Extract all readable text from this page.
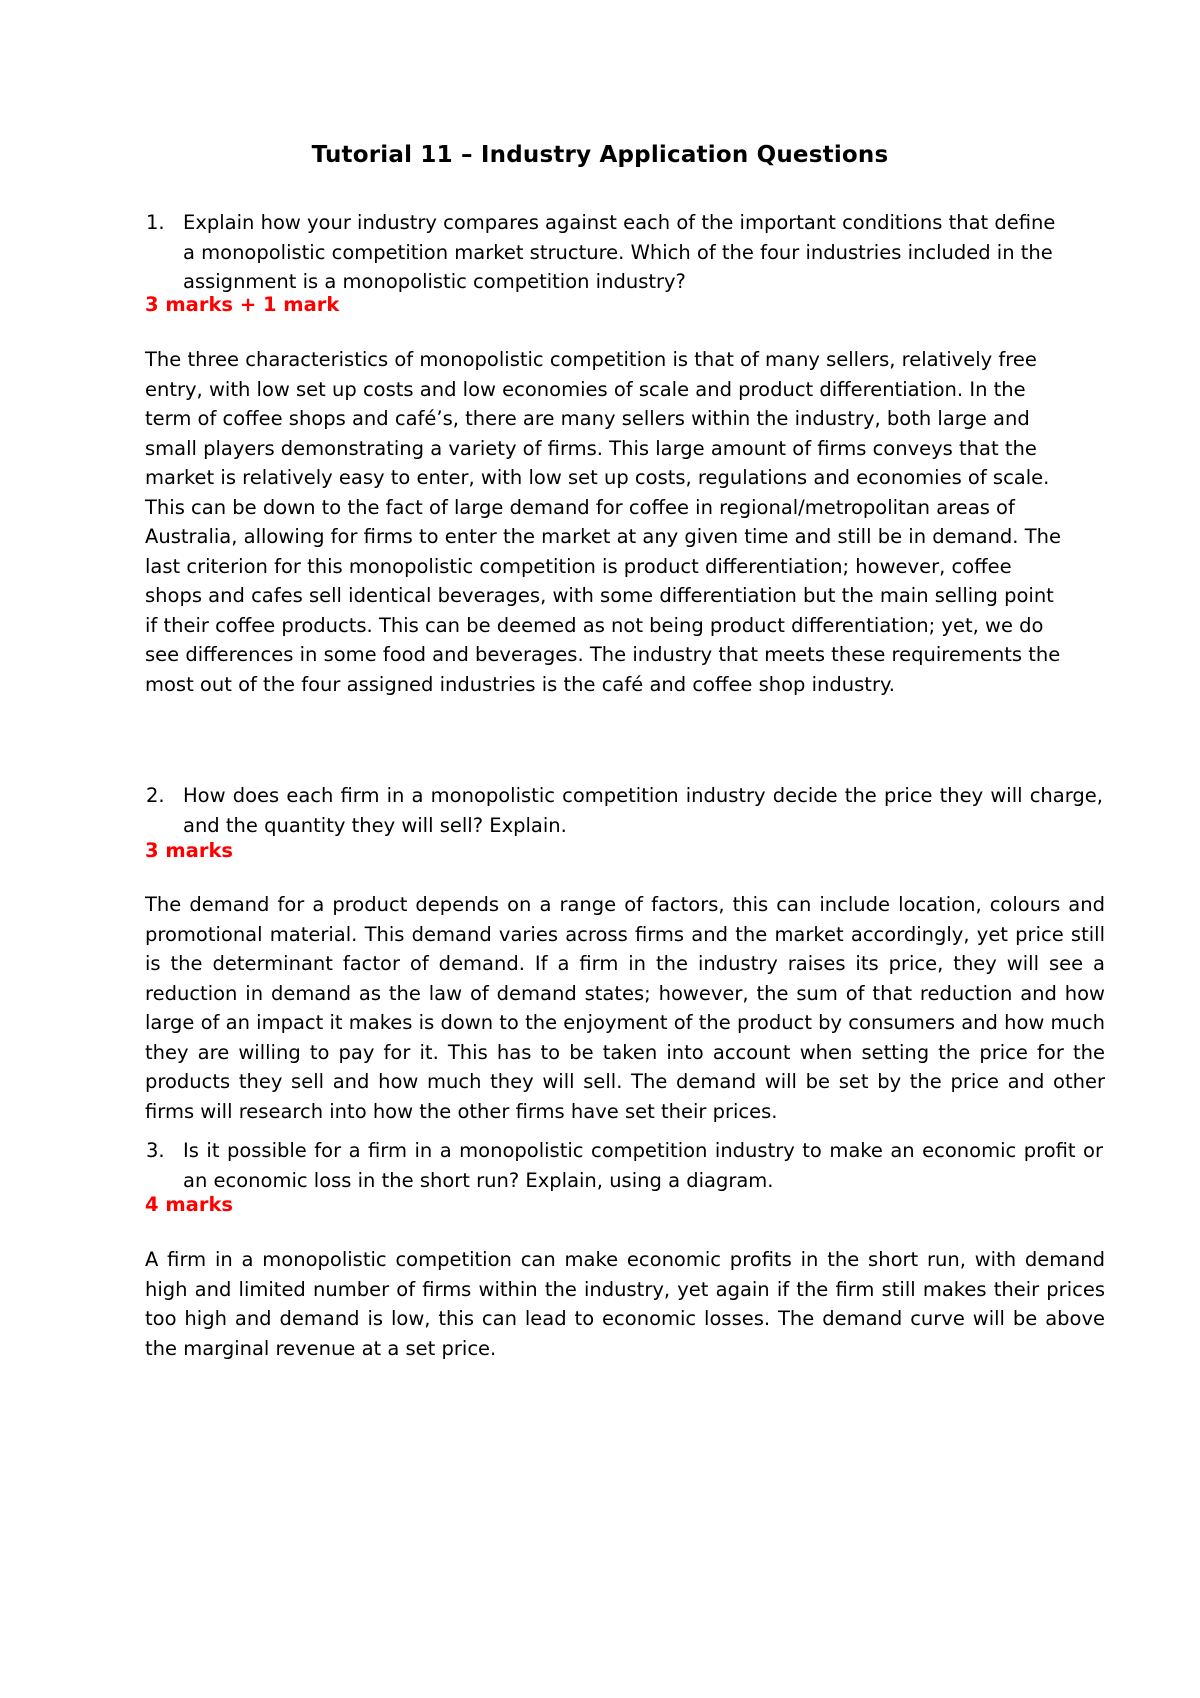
Tutorial 11 – Industry Application Questions
1. Explain how your industry compares against each of the important conditions that define a monopolistic competition market structure. Which of the four industries included in the assignment is a monopolistic competition industry?
3 marks + 1 mark
The three characteristics of monopolistic competition is that of many sellers, relatively free entry, with low set up costs and low economies of scale and product differentiation. In the term of coffee shops and café’s, there are many sellers within the industry, both large and small players demonstrating a variety of firms. This large amount of firms conveys that the market is relatively easy to enter, with low set up costs, regulations and economies of scale. This can be down to the fact of large demand for coffee in regional/metropolitan areas of Australia, allowing for firms to enter the market at any given time and still be in demand. The last criterion for this monopolistic competition is product differentiation; however, coffee shops and cafes sell identical beverages, with some differentiation but the main selling point if their coffee products. This can be deemed as not being product differentiation; yet, we do see differences in some food and beverages. The industry that meets these requirements the most out of the four assigned industries is the café and coffee shop industry.
2. How does each firm in a monopolistic competition industry decide the price they will charge, and the quantity they will sell? Explain.
3 marks
The demand for a product depends on a range of factors, this can include location, colours and promotional material. This demand varies across firms and the market accordingly, yet price still is the determinant factor of demand. If a firm in the industry raises its price, they will see a reduction in demand as the law of demand states; however, the sum of that reduction and how large of an impact it makes is down to the enjoyment of the product by consumers and how much they are willing to pay for it. This has to be taken into account when setting the price for the products they sell and how much they will sell. The demand will be set by the price and other firms will research into how the other firms have set their prices.
3. Is it possible for a firm in a monopolistic competition industry to make an economic profit or an economic loss in the short run? Explain, using a diagram.
4 marks
A firm in a monopolistic competition can make economic profits in the short run, with demand high and limited number of firms within the industry, yet again if the firm still makes their prices too high and demand is low, this can lead to economic losses. The demand curve will be above the marginal revenue at a set price.
